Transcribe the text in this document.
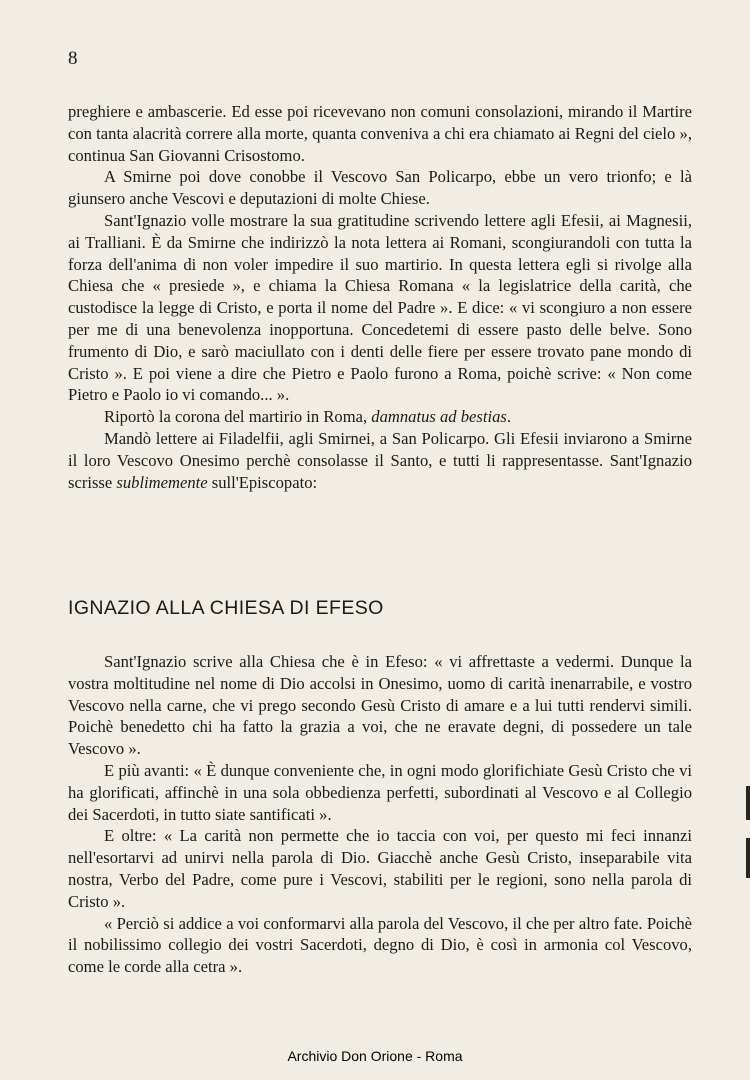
8

preghiere e ambascerie. Ed esse poi ricevevano non comuni consolazioni, mirando il Martire con tanta alacrità correre alla morte, quanta conveniva a chi era chiamato ai Regni del cielo », continua San Giovanni Crisostomo.

A Smirne poi dove conobbe il Vescovo San Policarpo, ebbe un vero trionfo; e là giunsero anche Vescovi e deputazioni di molte Chiese.

Sant'Ignazio volle mostrare la sua gratitudine scrivendo lettere agli Efesii, ai Magnesii, ai Tralliani. È da Smirne che indirizzò la nota lettera ai Romani, scongiurandoli con tutta la forza dell'anima di non voler impedire il suo martirio. In questa lettera egli si rivolge alla Chiesa che « presiede », e chiama la Chiesa Romana « la legislatrice della carità, che custodisce la legge di Cristo, e porta il nome del Padre ». E dice: « vi scongiuro a non essere per me di una benevolenza inopportuna. Concedetemi di essere pasto delle belve. Sono frumento di Dio, e sarò maciullato con i denti delle fiere per essere trovato pane mondo di Cristo ». E poi viene a dire che Pietro e Paolo furono a Roma, poichè scrive: « Non come Pietro e Paolo io vi comando... ».

Riportò la corona del martirio in Roma, damnatus ad bestias.

Mandò lettere ai Filadelfii, agli Smirnei, a San Policarpo. Gli Efesii inviarono a Smirne il loro Vescovo Onesimo perchè consolasse il Santo, e tutti li rappresentasse. Sant'Ignazio scrisse sublimemente sull'Episcopato:

IGNAZIO ALLA CHIESA DI EFESO

Sant'Ignazio scrive alla Chiesa che è in Efeso: « vi affrettaste a vedermi. Dunque la vostra moltitudine nel nome di Dio accolsi in Onesimo, uomo di carità inenarrabile, e vostro Vescovo nella carne, che vi prego secondo Gesù Cristo di amare e a lui tutti rendervi simili. Poichè benedetto chi ha fatto la grazia a voi, che ne eravate degni, di possedere un tale Vescovo ».

E più avanti: « È dunque conveniente che, in ogni modo glorifichiate Gesù Cristo che vi ha glorificati, affinchè in una sola obbedienza perfetti, subordinati al Vescovo e al Collegio dei Sacerdoti, in tutto siate santificati ».

E oltre: « La carità non permette che io taccia con voi, per questo mi feci innanzi nell'esortarvi ad unirvi nella parola di Dio. Giacchè anche Gesù Cristo, inseparabile vita nostra, Verbo del Padre, come pure i Vescovi, stabiliti per le regioni, sono nella parola di Cristo ».

« Perciò si addice a voi conformarvi alla parola del Vescovo, il che per altro fate. Poichè il nobilissimo collegio dei vostri Sacerdoti, degno di Dio, è così in armonia col Vescovo, come le corde alla cetra ».

Archivio Don Orione - Roma
